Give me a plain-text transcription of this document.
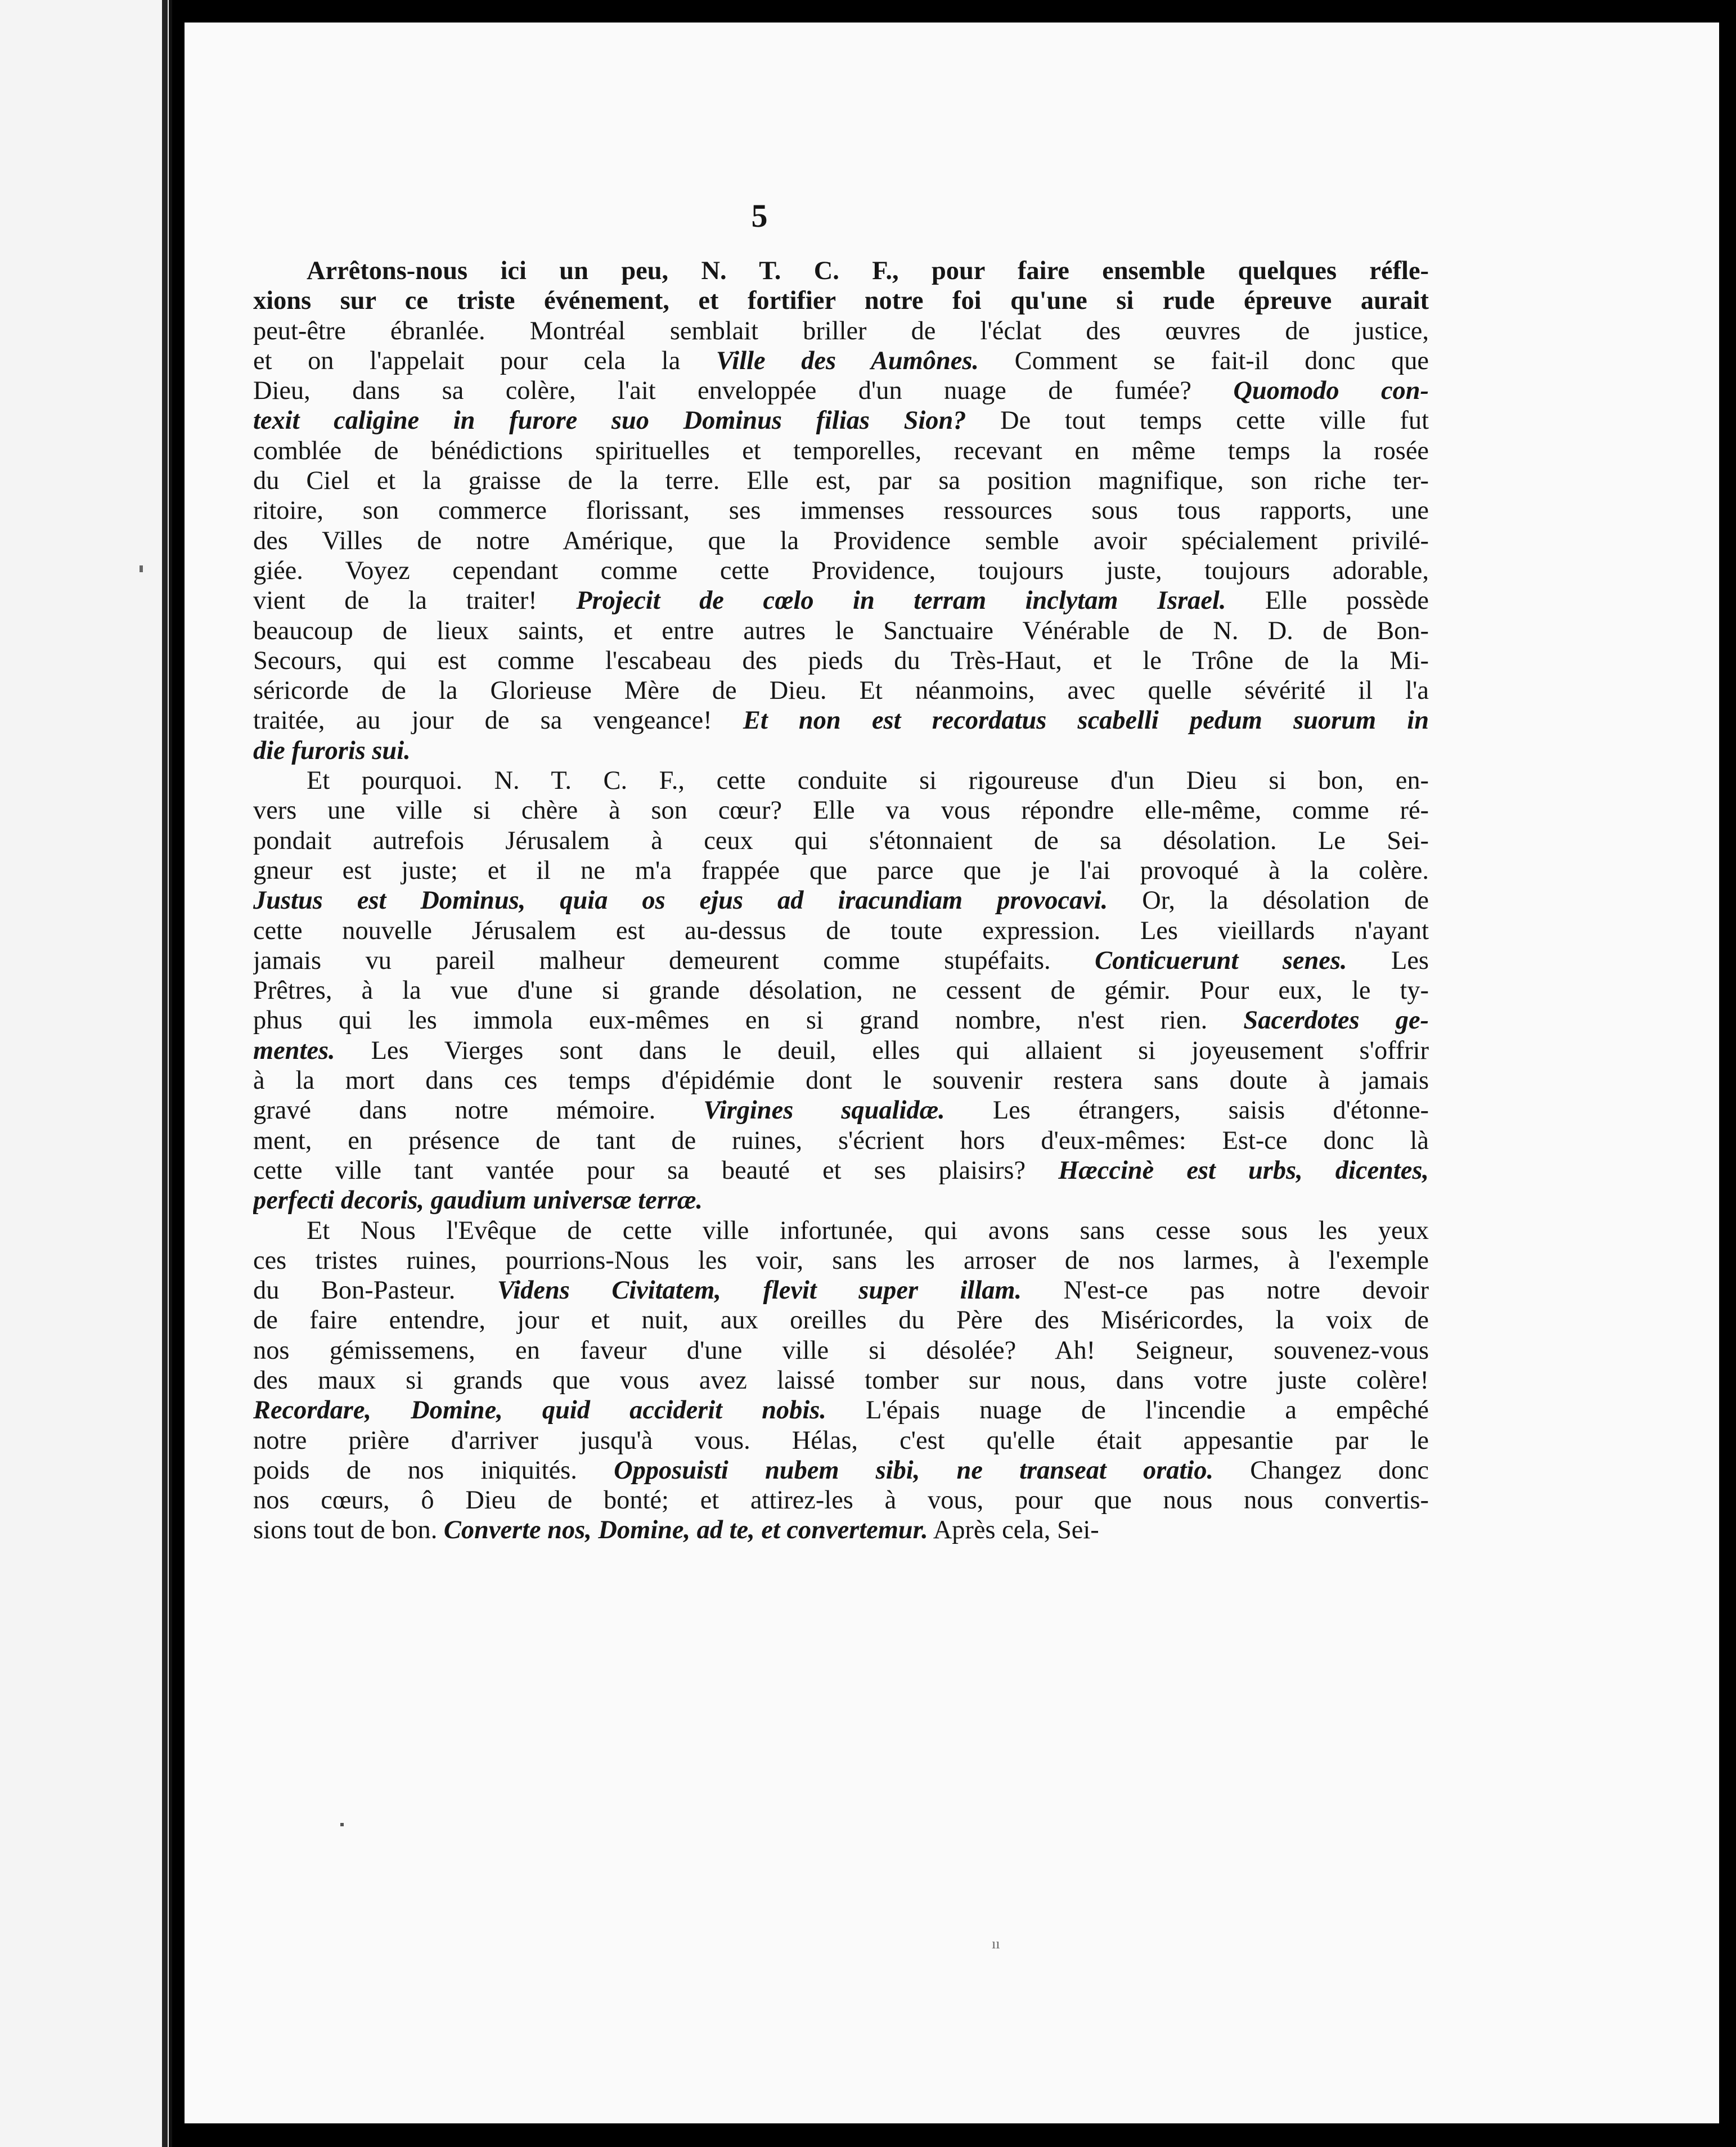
5
Arrêtons-nous ici un peu, N. T. C. F., pour faire ensemble quelques réfle-
xions sur ce triste événement, et fortifier notre foi qu'une si rude épreuve aurait
peut-être ébranlée. Montréal semblait briller de l'éclat des œuvres de justice,
et on l'appelait pour cela la Ville des Aumônes. Comment se fait-il donc que
Dieu, dans sa colère, l'ait enveloppée d'un nuage de fumée? Quomodo con-
texit caligine in furore suo Dominus filias Sion? De tout temps cette ville fut
comblée de bénédictions spirituelles et temporelles, recevant en même temps la rosée
du Ciel et la graisse de la terre. Elle est, par sa position magnifique, son riche ter-
ritoire, son commerce florissant, ses immenses ressources sous tous rapports, une
des Villes de notre Amérique, que la Providence semble avoir spécialement privilé-
giée. Voyez cependant comme cette Providence, toujours juste, toujours adorable,
vient de la traiter! Projecit de cœlo in terram inclytam Israel. Elle possède
beaucoup de lieux saints, et entre autres le Sanctuaire Vénérable de N. D. de Bon-
Secours, qui est comme l'escabeau des pieds du Très-Haut, et le Trône de la Mi-
séricorde de la Glorieuse Mère de Dieu. Et néanmoins, avec quelle sévérité il l'a
traitée, au jour de sa vengeance! Et non est recordatus scabelli pedum suorum in
die furoris sui.
Et pourquoi. N. T. C. F., cette conduite si rigoureuse d'un Dieu si bon, en-
vers une ville si chère à son cœur? Elle va vous répondre elle-même, comme ré-
pondait autrefois Jérusalem à ceux qui s'étonnaient de sa désolation. Le Sei-
gneur est juste; et il ne m'a frappée que parce que je l'ai provoqué à la colère.
Justus est Dominus, quia os ejus ad iracundiam provocavi. Or, la désolation de
cette nouvelle Jérusalem est au-dessus de toute expression. Les vieillards n'ayant
jamais vu pareil malheur demeurent comme stupéfaits. Conticuerunt senes. Les
Prêtres, à la vue d'une si grande désolation, ne cessent de gémir. Pour eux, le ty-
phus qui les immola eux-mêmes en si grand nombre, n'est rien. Sacerdotes ge-
mentes. Les Vierges sont dans le deuil, elles qui allaient si joyeusement s'offrir
à la mort dans ces temps d'épidémie dont le souvenir restera sans doute à jamais
gravé dans notre mémoire. Virgines squalidæ. Les étrangers, saisis d'étonne-
ment, en présence de tant de ruines, s'écrient hors d'eux-mêmes: Est-ce donc là
cette ville tant vantée pour sa beauté et ses plaisirs? Hæccinè est urbs, dicentes,
perfecti decoris, gaudium universæ terræ.
Et Nous l'Evêque de cette ville infortunée, qui avons sans cesse sous les yeux
ces tristes ruines, pourrions-Nous les voir, sans les arroser de nos larmes, à l'exemple
du Bon-Pasteur. Videns Civitatem, flevit super illam. N'est-ce pas notre devoir
de faire entendre, jour et nuit, aux oreilles du Père des Miséricordes, la voix de
nos gémissemens, en faveur d'une ville si désolée? Ah! Seigneur, souvenez-vous
des maux si grands que vous avez laissé tomber sur nous, dans votre juste colère!
Recordare, Domine, quid acciderit nobis. L'épais nuage de l'incendie a empêché
notre prière d'arriver jusqu'à vous. Hélas, c'est qu'elle était appesantie par le
poids de nos iniquités. Opposuisti nubem sibi, ne transeat oratio. Changez donc
nos cœurs, ô Dieu de bonté; et attirez-les à vous, pour que nous nous convertis-
sions tout de bon. Converte nos, Domine, ad te, et convertemur. Après cela, Sei-
ıı
